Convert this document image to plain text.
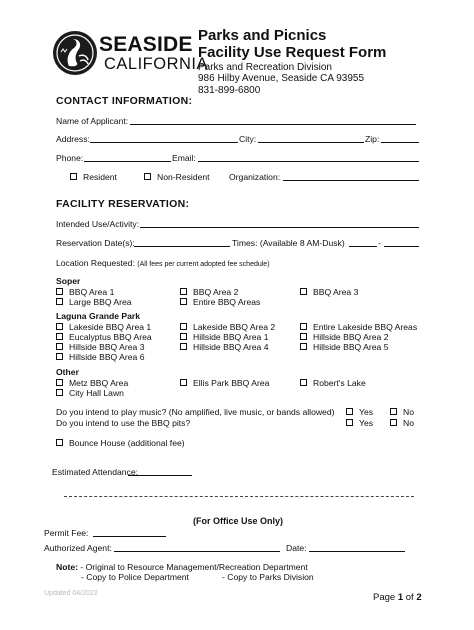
SEASIDE
CALIFORNIA
Parks and Picnics
Facility Use Request Form
Parks and Recreation Division
986 Hilby Avenue, Seaside CA 93955
831-899-6800
CONTACT INFORMATION:
Name of Applicant:
Address:	City:	Zip:
Phone:	Email:
Resident	Non-Resident Organization:
FACILITY RESERVATION:
Intended Use/Activity:
Reservation Date(s):	Times: (Available 8 AM-Dusk)	-
Location Requested: (All fees per current adopted fee schedule)
Soper
BBQ Area 1	BBQ Area 2	BBQ Area 3
Large BBQ Area	Entire BBQ Areas
Laguna Grande Park
Lakeside BBQ Area 1	Lakeside BBQ Area 2	Entire Lakeside BBQ Areas
Eucalyptus BBQ Area	Hillside BBQ Area 1	Hillside BBQ Area 2
Hillside BBQ Area 3	Hillside BBQ Area 4	Hillside BBQ Area 5
Hillside BBQ Area 6
Other
Metz BBQ Area	Ellis Park BBQ Area	Robert's Lake
City Hall Lawn
Do you intend to play music? (No amplified, live music, or bands allowed)	Yes	No
Do you intend to use the BBQ pits?	Yes	No
Bounce House (additional fee)
Estimated Attendance:
(For Office Use Only)
Permit Fee:
Authorized Agent:	Date:
Note: - Original to Resource Management/Recreation Department
- Copy to Police Department	- Copy to Parks Division
Updated 04/2022	Page 1 of 2
